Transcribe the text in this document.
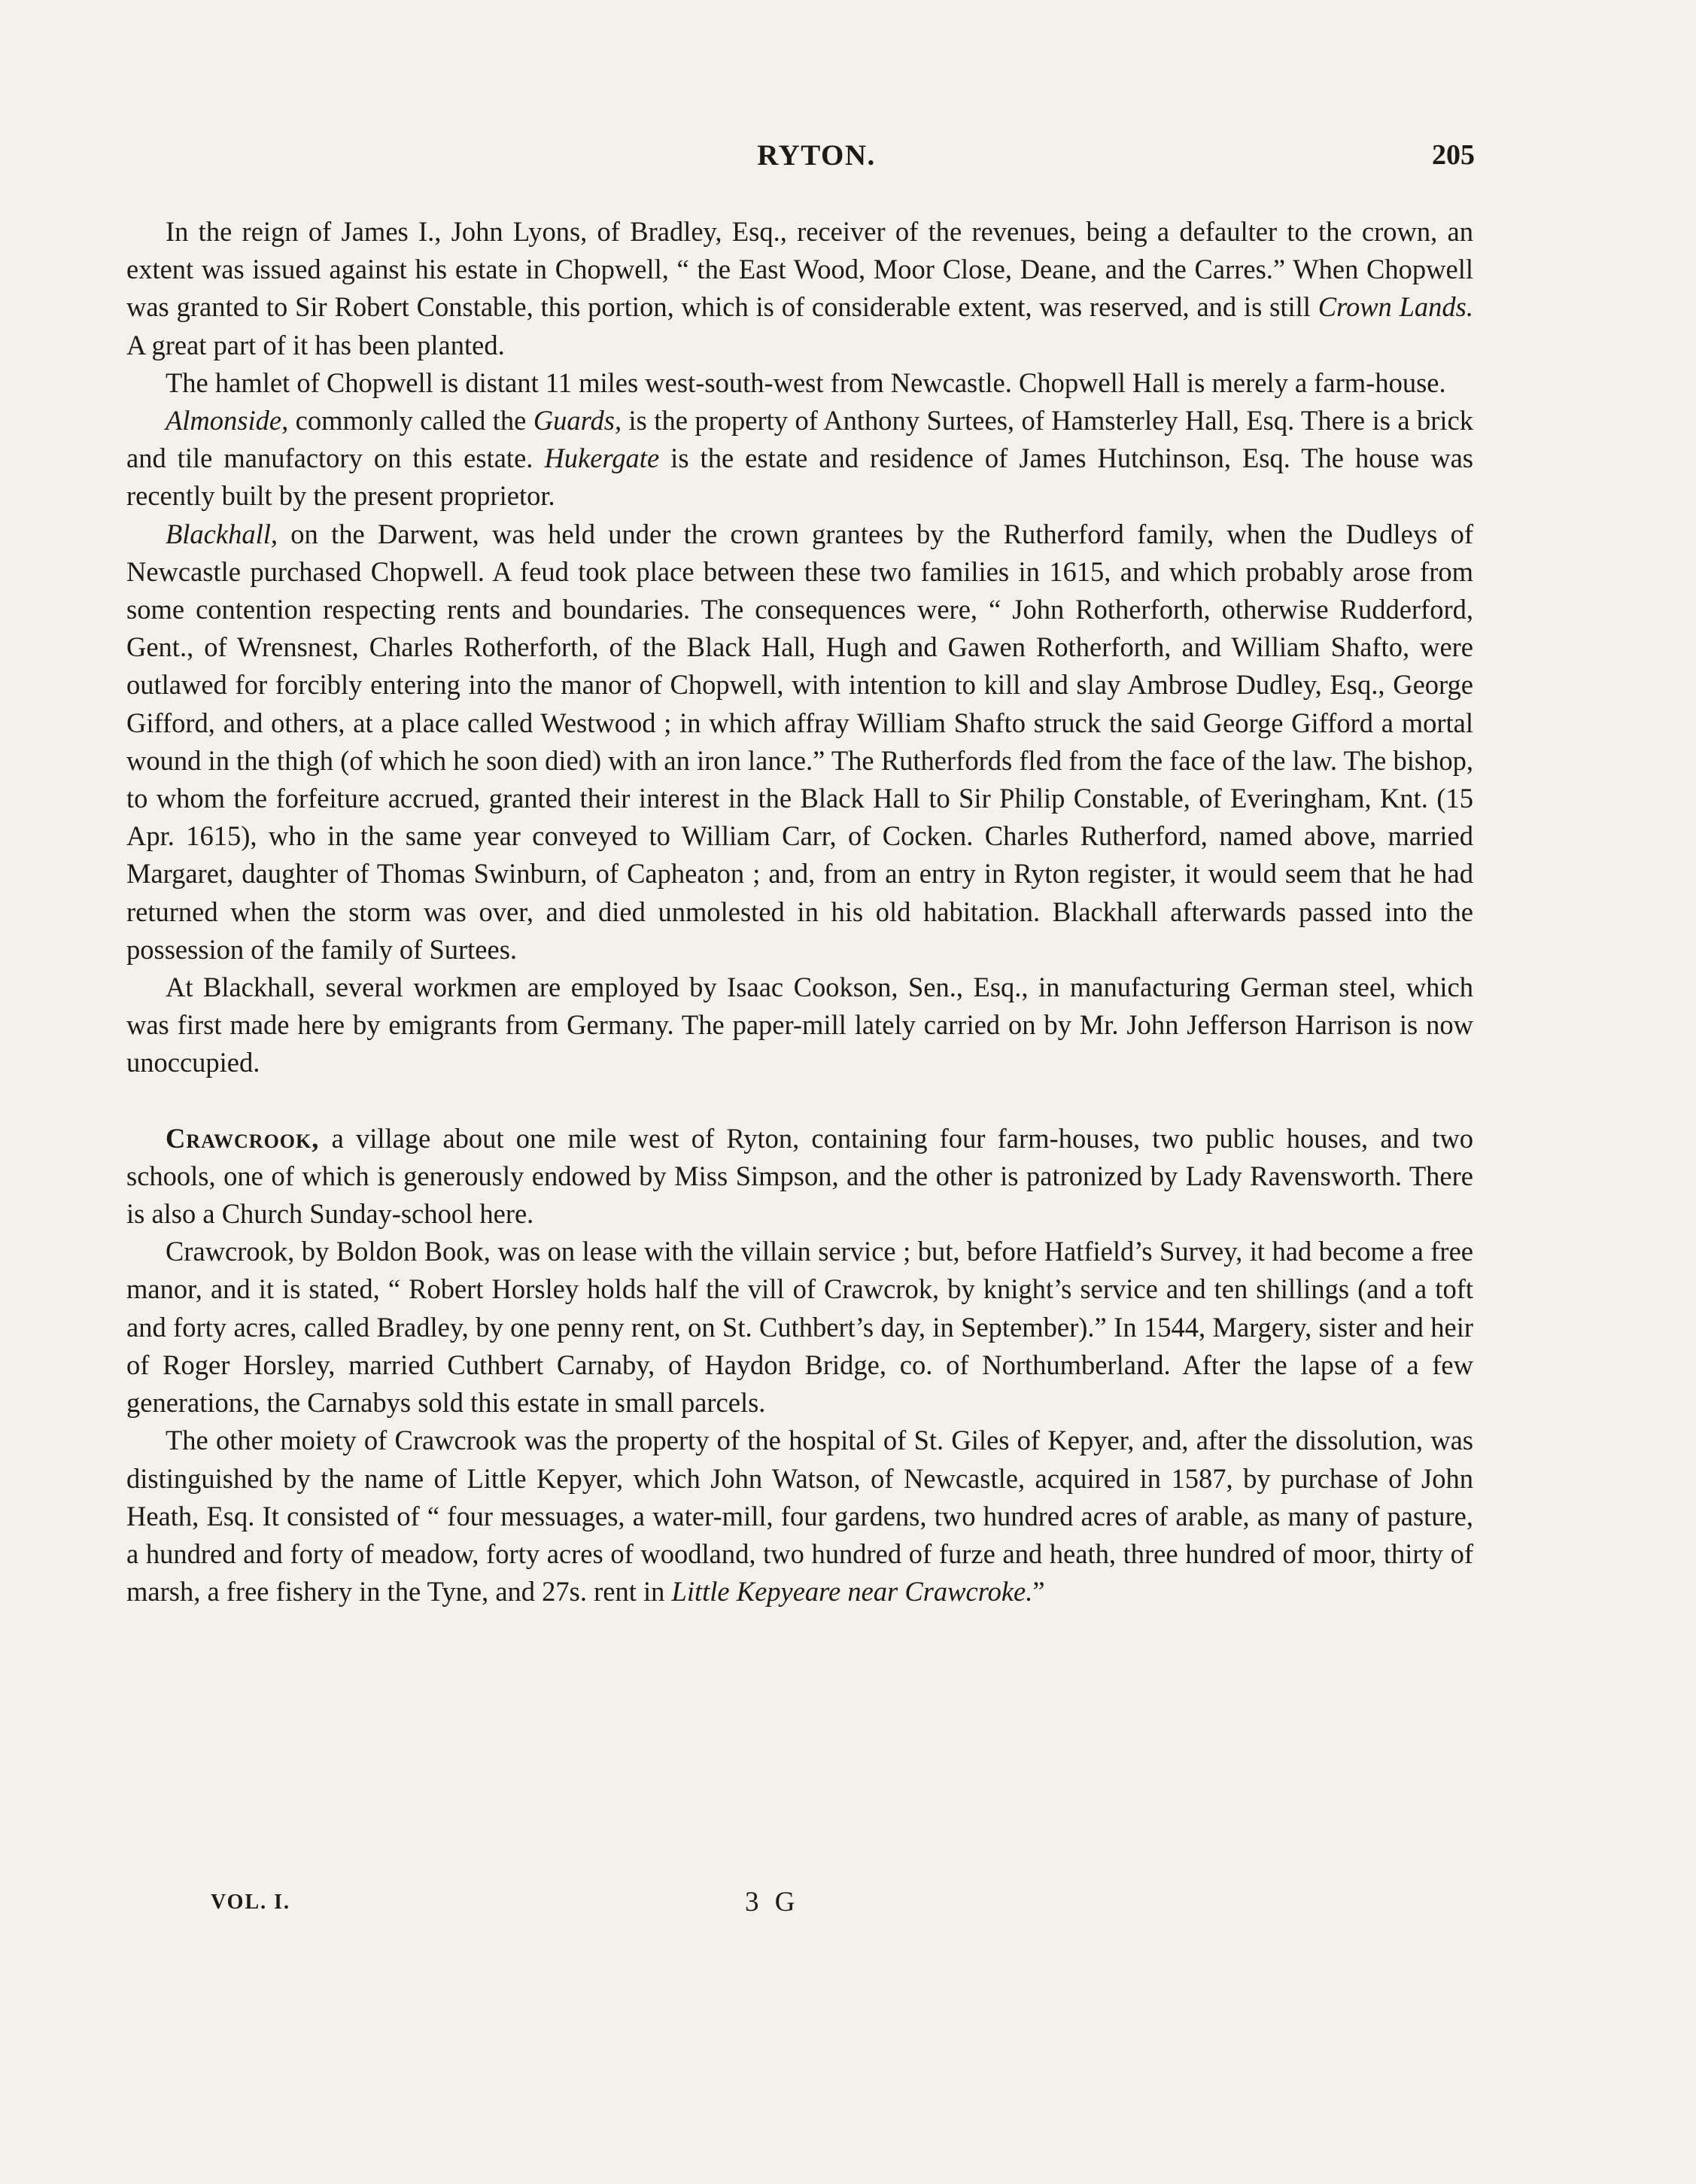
RYTON.	205

In the reign of James I., John Lyons, of Bradley, Esq., receiver of the revenues, being a defaulter to the crown, an extent was issued against his estate in Chopwell, “ the East Wood, Moor Close, Deane, and the Carres.” When Chopwell was granted to Sir Robert Constable, this portion, which is of considerable extent, was reserved, and is still Crown Lands. A great part of it has been planted.

The hamlet of Chopwell is distant 11 miles west-south-west from Newcastle. Chopwell Hall is merely a farm-house.

Almonside, commonly called the Guards, is the property of Anthony Surtees, of Hamsterley Hall, Esq. There is a brick and tile manufactory on this estate. Hukergate is the estate and residence of James Hutchinson, Esq. The house was recently built by the present proprietor.

Blackhall, on the Darwent, was held under the crown grantees by the Rutherford family, when the Dudleys of Newcastle purchased Chopwell. A feud took place between these two families in 1615, and which probably arose from some contention respecting rents and boundaries. The consequences were, “ John Rotherforth, otherwise Rudderford, Gent., of Wrensnest, Charles Rotherforth, of the Black Hall, Hugh and Gawen Rotherforth, and William Shafto, were outlawed for forcibly entering into the manor of Chopwell, with intention to kill and slay Ambrose Dudley, Esq., George Gifford, and others, at a place called Westwood ; in which affray William Shafto struck the said George Gifford a mortal wound in the thigh (of which he soon died) with an iron lance.” The Rutherfords fled from the face of the law. The bishop, to whom the forfeiture accrued, granted their interest in the Black Hall to Sir Philip Constable, of Everingham, Knt. (15 Apr. 1615), who in the same year conveyed to William Carr, of Cocken. Charles Rutherford, named above, married Margaret, daughter of Thomas Swinburn, of Capheaton ; and, from an entry in Ryton register, it would seem that he had returned when the storm was over, and died unmolested in his old habitation. Blackhall afterwards passed into the possession of the family of Surtees.

At Blackhall, several workmen are employed by Isaac Cookson, Sen., Esq., in manufacturing German steel, which was first made here by emigrants from Germany. The paper-mill lately carried on by Mr. John Jefferson Harrison is now unoccupied.

Crawcrook, a village about one mile west of Ryton, containing four farm-houses, two public houses, and two schools, one of which is generously endowed by Miss Simpson, and the other is patronized by Lady Ravensworth. There is also a Church Sunday-school here.

Crawcrook, by Boldon Book, was on lease with the villain service ; but, before Hatfield’s Survey, it had become a free manor, and it is stated, “ Robert Horsley holds half the vill of Crawcrok, by knight’s service and ten shillings (and a toft and forty acres, called Bradley, by one penny rent, on St. Cuthbert’s day, in September).” In 1544, Margery, sister and heir of Roger Horsley, married Cuthbert Carnaby, of Haydon Bridge, co. of Northumberland. After the lapse of a few generations, the Carnabys sold this estate in small parcels.

The other moiety of Crawcrook was the property of the hospital of St. Giles of Kepyer, and, after the dissolution, was distinguished by the name of Little Kepyer, which John Watson, of Newcastle, acquired in 1587, by purchase of John Heath, Esq. It consisted of “ four messuages, a water-mill, four gardens, two hundred acres of arable, as many of pasture, a hundred and forty of meadow, forty acres of woodland, two hundred of furze and heath, three hundred of moor, thirty of marsh, a free fishery in the Tyne, and 27s. rent in Little Kepyeare near Crawcroke.”

VOL. I.	3 G
